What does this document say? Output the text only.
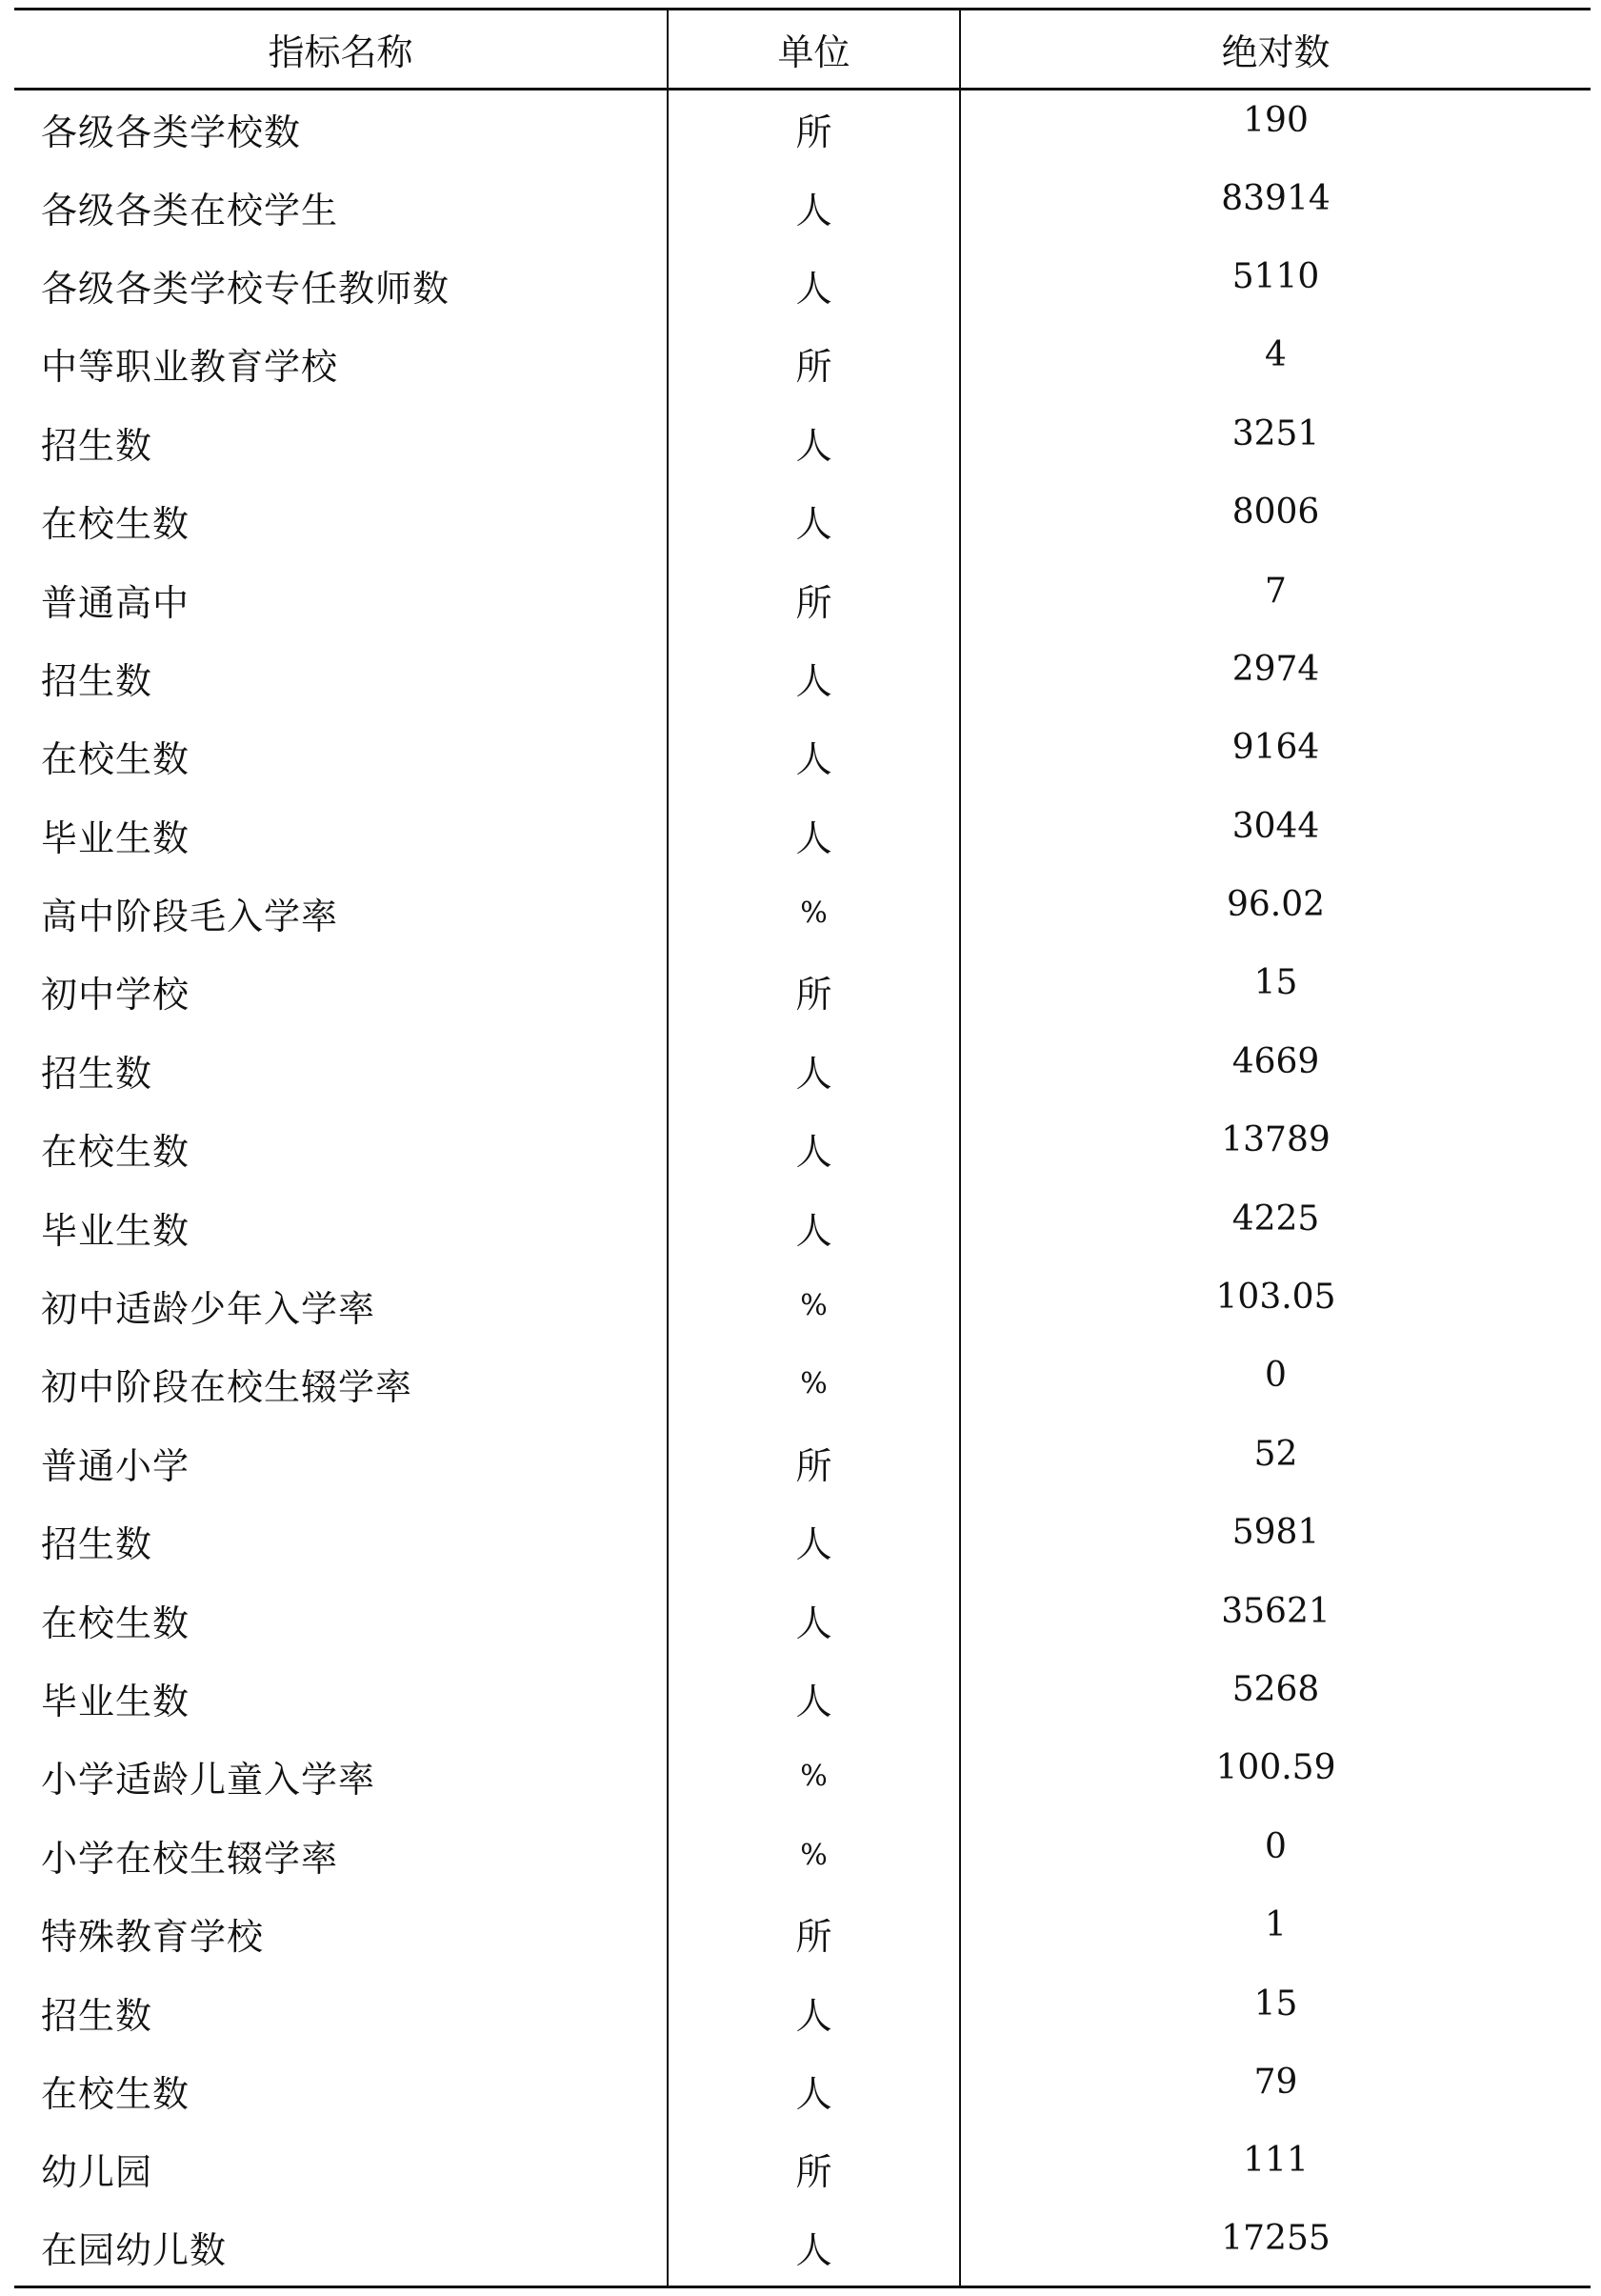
指标名称	单位	绝对数
各级各类学校数	所	190
各级各类在校学生	人	83914
各级各类学校专任教师数	人	5110
中等职业教育学校	所	4
招生数	人	3251
在校生数	人	8006
普通高中	所	7
招生数	人	2974
在校生数	人	9164
毕业生数	人	3044
高中阶段毛入学率	%	96.02
初中学校	所	15
招生数	人	4669
在校生数	人	13789
毕业生数	人	4225
初中适龄少年入学率	%	103.05
初中阶段在校生辍学率	%	0
普通小学	所	52
招生数	人	5981
在校生数	人	35621
毕业生数	人	5268
小学适龄儿童入学率	%	100.59
小学在校生辍学率	%	0
特殊教育学校	所	1
招生数	人	15
在校生数	人	79
幼儿园	所	111
在园幼儿数	人	17255
